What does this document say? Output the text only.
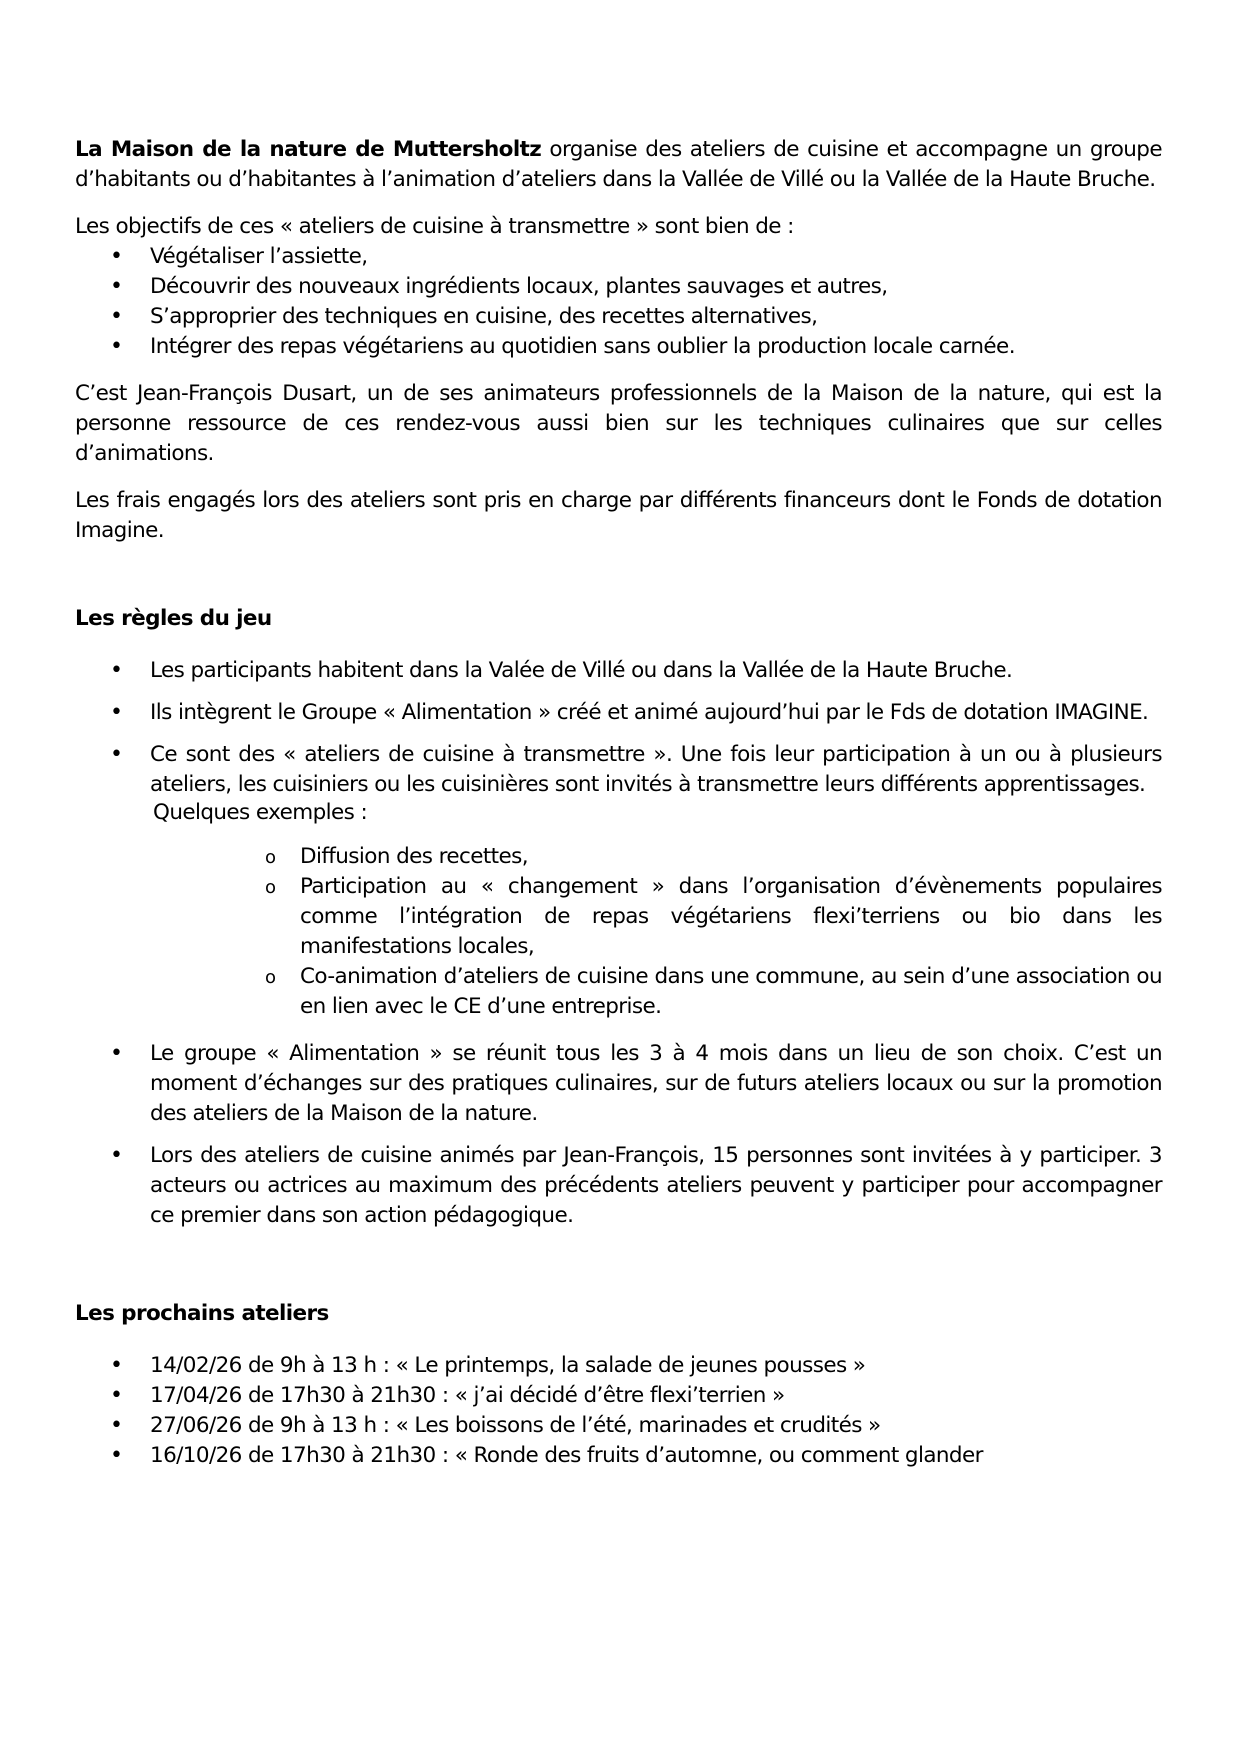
La Maison de la nature de Muttersholtz organise des ateliers de cuisine et accompagne un groupe d’habitants ou d’habitantes à l’animation d’ateliers dans la Vallée de Villé ou la Vallée de la Haute Bruche.

Les objectifs de ces « ateliers de cuisine à transmettre » sont bien de :

• Végétaliser l’assiette,
• Découvrir des nouveaux ingrédients locaux, plantes sauvages et autres,
• S’approprier des techniques en cuisine, des recettes alternatives,
• Intégrer des repas végétariens au quotidien sans oublier la production locale carnée.

C’est Jean-François Dusart, un de ses animateurs professionnels de la Maison de la nature, qui est la personne ressource de ces rendez-vous aussi bien sur les techniques culinaires que sur celles d’animations.

Les frais engagés lors des ateliers sont pris en charge par différents financeurs dont le Fonds de dotation Imagine.

Les règles du jeu

• Les participants habitent dans la Valée de Villé ou dans la Vallée de la Haute Bruche.
• Ils intègrent le Groupe « Alimentation » créé et animé aujourd’hui par le Fds de dotation IMAGINE.
• Ce sont des « ateliers de cuisine à transmettre ». Une fois leur participation à un ou à plusieurs ateliers, les cuisiniers ou les cuisinières sont invités à transmettre leurs différents apprentissages.

Quelques exemples :

o Diffusion des recettes,
o Participation au « changement » dans l’organisation d’évènements populaires comme l’intégration de repas végétariens flexi’terriens ou bio dans les manifestations locales,
o Co-animation d’ateliers de cuisine dans une commune, au sein d’une association ou en lien avec le CE d’une entreprise.
• Le groupe « Alimentation » se réunit tous les 3 à 4 mois dans un lieu de son choix. C’est un moment d’échanges sur des pratiques culinaires, sur de futurs ateliers locaux ou sur la promotion des ateliers de la Maison de la nature.
• Lors des ateliers de cuisine animés par Jean-François, 15 personnes sont invitées à y participer. 3 acteurs ou actrices au maximum des précédents ateliers peuvent y participer pour accompagner ce premier dans son action pédagogique.

Les prochains ateliers

• 14/02/26 de 9h à 13 h : « Le printemps, la salade de jeunes pousses »
• 17/04/26 de 17h30 à 21h30 : « j’ai décidé d’être flexi’terrien »
• 27/06/26 de 9h à 13 h : « Les boissons de l’été, marinades et crudités »
• 16/10/26 de 17h30 à 21h30 : « Ronde des fruits d’automne, ou comment glander
